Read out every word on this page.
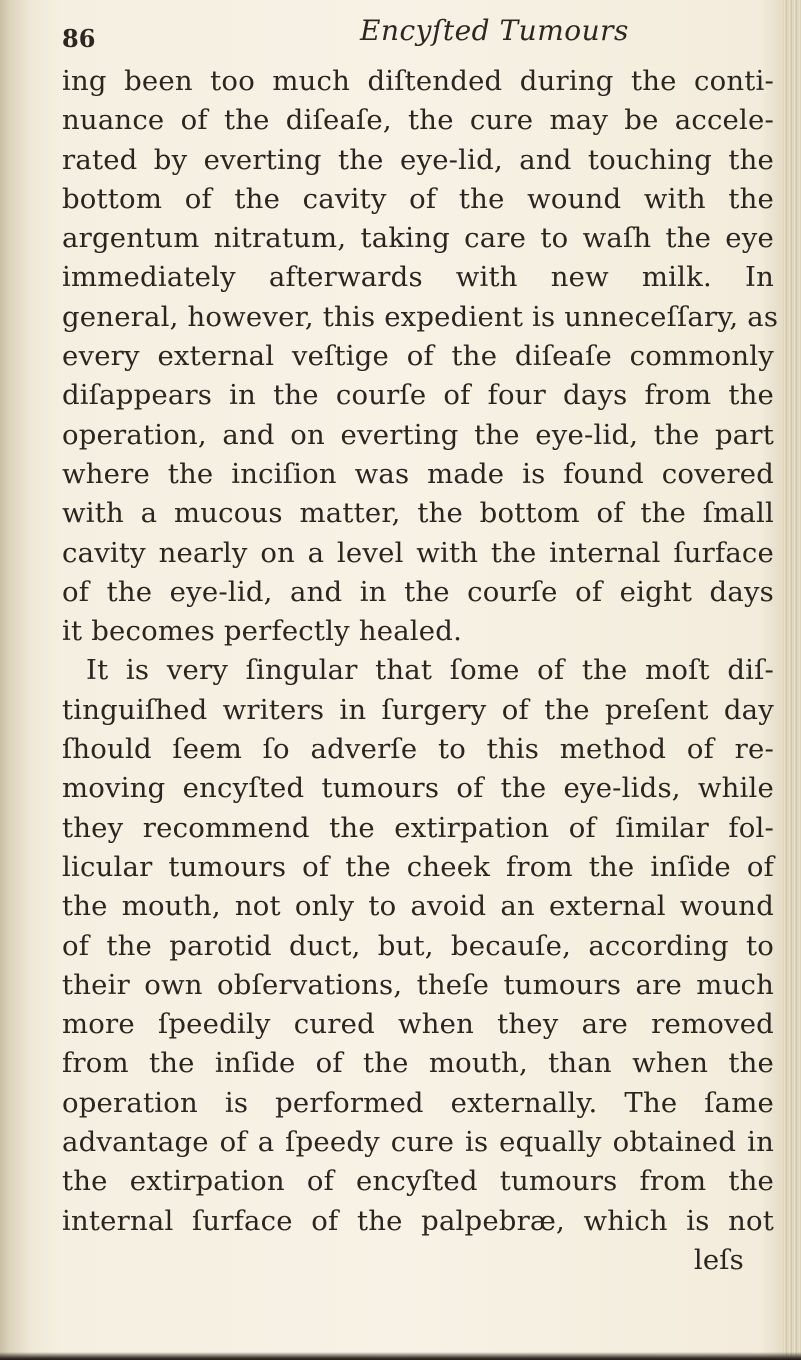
86	Encyſted Tumours
ing been too much diſtended during the conti-
nuance of the diſeaſe, the cure may be accele-
rated by everting the eye-lid, and touching the
bottom of the cavity of the wound with the
argentum nitratum, taking care to waſh the eye
immediately afterwards with new milk. In
general, however, this expedient is unneceſſary, as
every external veſtige of the diſeaſe commonly
diſappears in the courſe of four days from the
operation, and on everting the eye-lid, the part
where the inciſion was made is found covered
with a mucous matter, the bottom of the ſmall
cavity nearly on a level with the internal ſurface
of the eye-lid, and in the courſe of eight days
it becomes perfectly healed.
It is very ſingular that ſome of the moſt diſ-
tinguiſhed writers in ſurgery of the preſent day
ſhould ſeem ſo adverſe to this method of re-
moving encyſted tumours of the eye-lids, while
they recommend the extirpation of ſimilar fol-
licular tumours of the cheek from the inſide of
the mouth, not only to avoid an external wound
of the parotid duct, but, becauſe, according to
their own obſervations, theſe tumours are much
more ſpeedily cured when they are removed
from the inſide of the mouth, than when the
operation is performed externally. The ſame
advantage of a ſpeedy cure is equally obtained in
the extirpation of encyſted tumours from the
internal ſurface of the palpebræ, which is not
leſs
